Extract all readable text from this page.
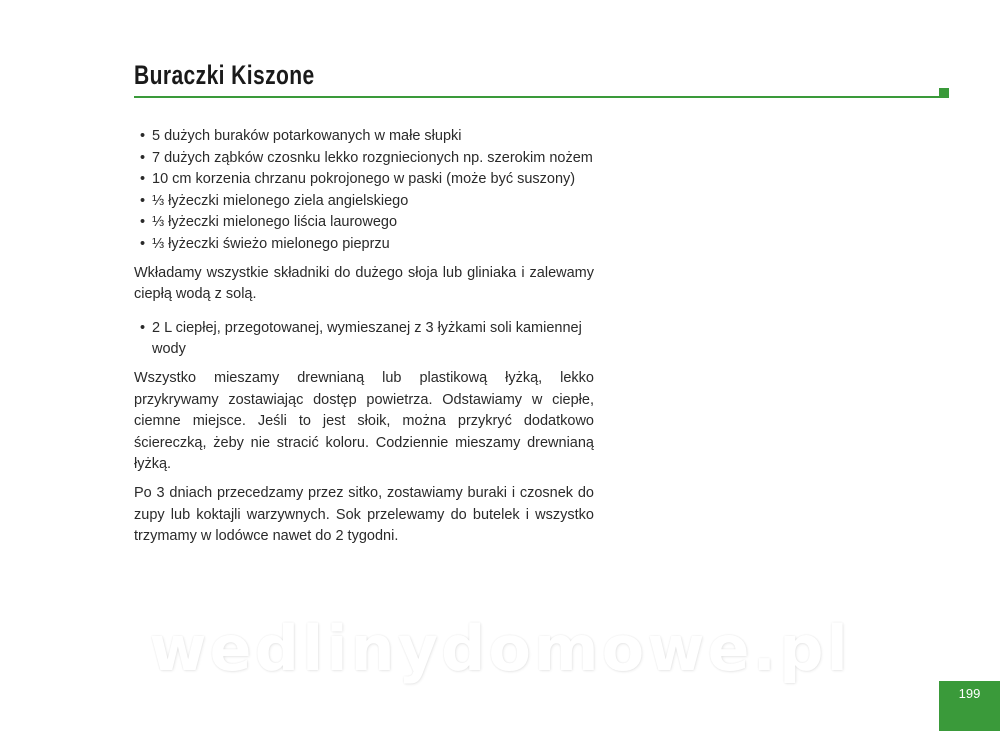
Buraczki Kiszone
• 5 dużych buraków potarkowanych w małe słupki
• 7 dużych ząbków czosnku lekko rozgniecionych np. szerokim nożem
• 10 cm korzenia chrzanu pokrojonego w paski (może być suszony)
• ⅓ łyżeczki mielonego ziela angielskiego
• ⅓ łyżeczki mielonego liścia laurowego
• ⅓ łyżeczki świeżo mielonego pieprzu

Wkładamy wszystkie składniki do dużego słoja lub gliniaka i zalewamy ciepłą wodą z solą.

• 2 L ciepłej, przegotowanej, wymieszanej z 3 łyżkami soli kamiennej wody

Wszystko mieszamy drewnianą lub plastikową łyżką, lekko przykrywamy zostawiając dostęp powietrza. Odstawiamy w ciepłe, ciemne miejsce. Jeśli to jest słoik, można przykryć dodatkowo ściereczką, żeby nie stracić koloru. Codziennie mieszamy drewnianą łyżką.

Po 3 dniach przecedzamy przez sitko, zostawiamy buraki i czosnek do zupy lub koktajli warzywnych. Sok przelewamy do butelek i wszystko trzymamy w lodówce nawet do 2 tygodni.

wedlinydomowe.pl
199
